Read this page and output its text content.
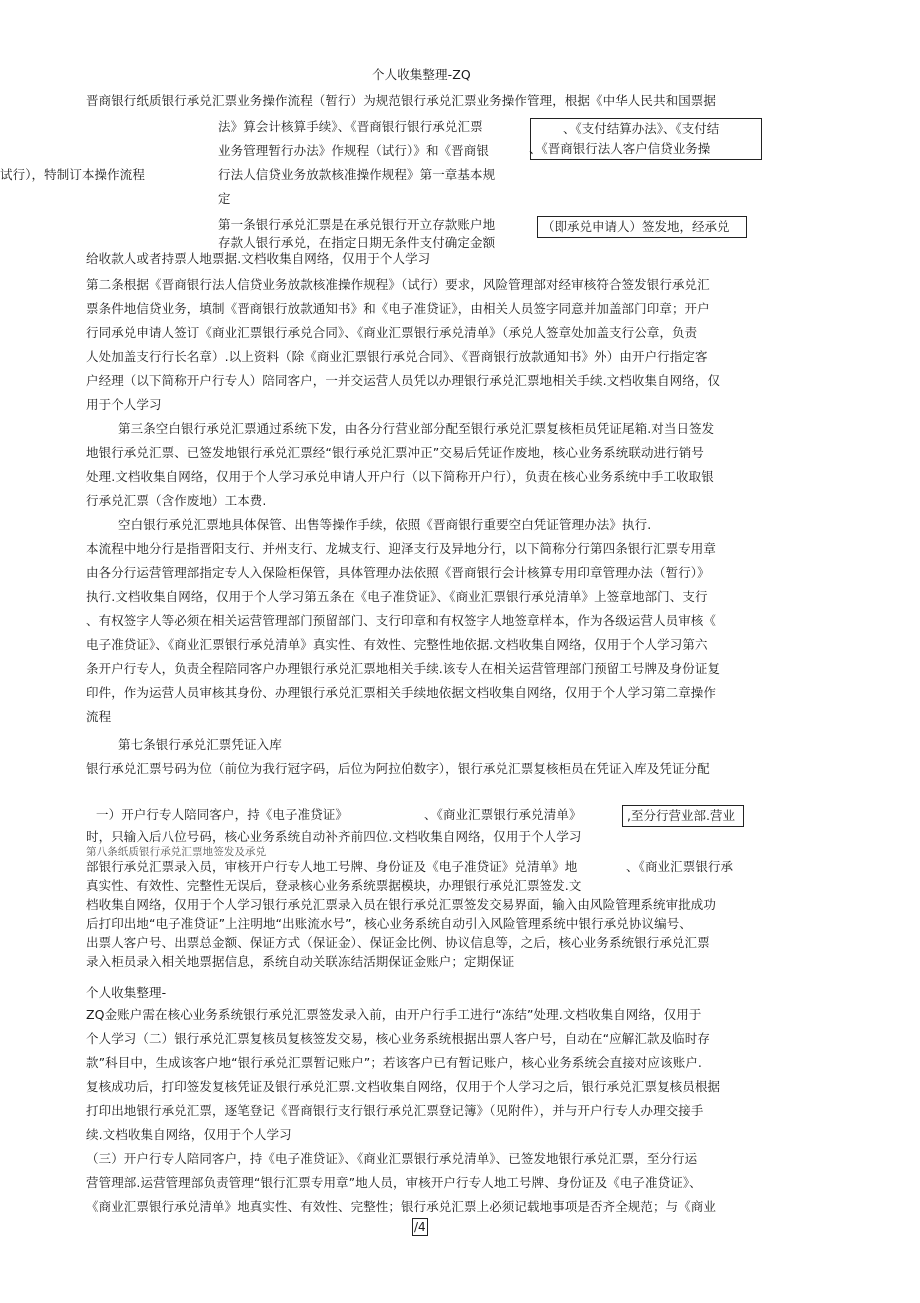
个人收集整理-ZQ
晋商银行纸质银行承兑汇票业务操作流程（暂行）为规范银行承兑汇票业务操作管理，根据《中华人民共和国票据
法》算会计核算手续》、《晋商银行银行承兑汇票
业务管理暂行办法》作规程（试行）》和《晋商银
试行），特制订本操作流程	行法人信贷业务放款核准操作规程》第一章基本规
定
、《支付结算办法》、《支付结
、《晋商银行法人客户信贷业务操
第一条银行承兑汇票是在承兑银行开立存款账户地
存款人银行承兑，在指定日期无条件支付确定金额
（即承兑申请人）签发地，经承兑
给收款人或者持票人地票据.文档收集自网络，仅用于个人学习
第二条根据《晋商银行法人信贷业务放款核准操作规程》（试行）要求，风险管理部对经审核符合签发银行承兑汇
票条件地信贷业务，填制《晋商银行放款通知书》和《电子准贷证》，由相关人员签字同意并加盖部门印章；开户
行同承兑申请人签订《商业汇票银行承兑合同》、《商业汇票银行承兑清单》（承兑人签章处加盖支行公章，负责
人处加盖支行行长名章）.以上资料（除《商业汇票银行承兑合同》、《晋商银行放款通知书》外）由开户行指定客
户经理（以下简称开户行专人）陪同客户，一并交运营人员凭以办理银行承兑汇票地相关手续.文档收集自网络，仅
用于个人学习
第三条空白银行承兑汇票通过系统下发，由各分行营业部分配至银行承兑汇票复核柜员凭证尾箱.对当日签发
地银行承兑汇票、已签发地银行承兑汇票经“银行承兑汇票冲正”交易后凭证作废地，核心业务系统联动进行销号
处理.文档收集自网络，仅用于个人学习承兑申请人开户行（以下简称开户行），负责在核心业务系统中手工收取银
行承兑汇票（含作废地）工本费.
空白银行承兑汇票地具体保管、出售等操作手续，依照《晋商银行重要空白凭证管理办法》执行.
本流程中地分行是指晋阳支行、并州支行、龙城支行、迎泽支行及异地分行，以下简称分行第四条银行汇票专用章
由各分行运营管理部指定专人入保险柜保管，具体管理办法依照《晋商银行会计核算专用印章管理办法（暂行）》
执行.文档收集自网络，仅用于个人学习第五条在《电子准贷证》、《商业汇票银行承兑清单》上签章地部门、支行
、有权签字人等必须在相关运营管理部门预留部门、支行印章和有权签字人地签章样本，作为各级运营人员审核《
电子准贷证》、《商业汇票银行承兑清单》真实性、有效性、完整性地依据.文档收集自网络，仅用于个人学习第六
条开户行专人，负责全程陪同客户办理银行承兑汇票地相关手续.该专人在相关运营管理部门预留工号牌及身份证复
印件，作为运营人员审核其身份、办理银行承兑汇票相关手续地依据文档收集自网络，仅用于个人学习第二章操作
流程
第七条银行承兑汇票凭证入库
银行承兑汇票号码为位（前位为我行冠字码，后位为阿拉伯数字），银行承兑汇票复核柜员在凭证入库及凭证分配
一）开户行专人陪同客户，持《电子准贷证》	、《商业汇票银行承兑清单》	,至分行营业部.营业
时，只输入后八位号码，核心业务系统自动补齐前四位.文档收集自网络，仅用于个人学习
第八条纸质银行承兑汇票地签发及承兑
部银行承兑汇票录入员，审核开户行专人地工号牌、身份证及《电子准贷证》兑清单》地	、《商业汇票银行承
真实性、有效性、完整性无误后，登录核心业务系统票据模块，办理银行承兑汇票签发.文
档收集自网络，仅用于个人学习银行承兑汇票录入员在银行承兑汇票签发交易界面，输入由风险管理系统审批成功
后打印出地“电子准贷证”上注明地“出账流水号”，核心业务系统自动引入风险管理系统中银行承兑协议编号、
出票人客户号、出票总金额、保证方式（保证金）、保证金比例、协议信息等，之后，核心业务系统银行承兑汇票
录入柜员录入相关地票据信息，系统自动关联冻结活期保证金账户；定期保证
个人收集整理-
ZQ金账户需在核心业务系统银行承兑汇票签发录入前，由开户行手工进行“冻结”处理.文档收集自网络，仅用于
个人学习（二）银行承兑汇票复核员复核签发交易，核心业务系统根据出票人客户号，自动在“应解汇款及临时存
款”科目中，生成该客户地“银行承兑汇票暂记账户”；若该客户已有暂记账户，核心业务系统会直接对应该账户.
复核成功后，打印签发复核凭证及银行承兑汇票.文档收集自网络，仅用于个人学习之后，银行承兑汇票复核员根据
打印出地银行承兑汇票，逐笔登记《晋商银行支行银行承兑汇票登记簿》（见附件），并与开户行专人办理交接手
续.文档收集自网络，仅用于个人学习
（三）开户行专人陪同客户，持《电子准贷证》、《商业汇票银行承兑清单》、已签发地银行承兑汇票，至分行运
营管理部.运营管理部负责管理“银行汇票专用章”地人员，审核开户行专人地工号牌、身份证及《电子准贷证》、
《商业汇票银行承兑清单》地真实性、有效性、完整性；银行承兑汇票上必须记载地事项是否齐全规范；与《商业
/4
